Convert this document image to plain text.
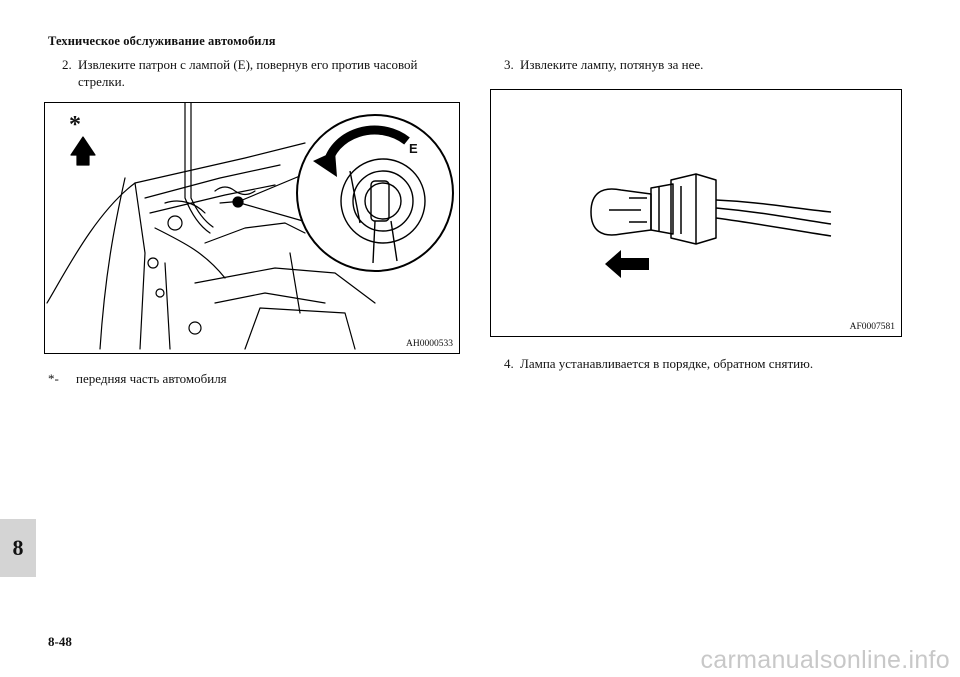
Техническое обслуживание автомобиля
2. Извлеките патрон с лампой (E), повернув его против часовой стрелки.
3. Извлеките лампу, потянув за нее.
E
*
AH0000533
AF0007581
*- передняя часть автомобиля
4. Лампа устанавливается в порядке, обратном снятию.
8
8-48
carmanualsonline.info
